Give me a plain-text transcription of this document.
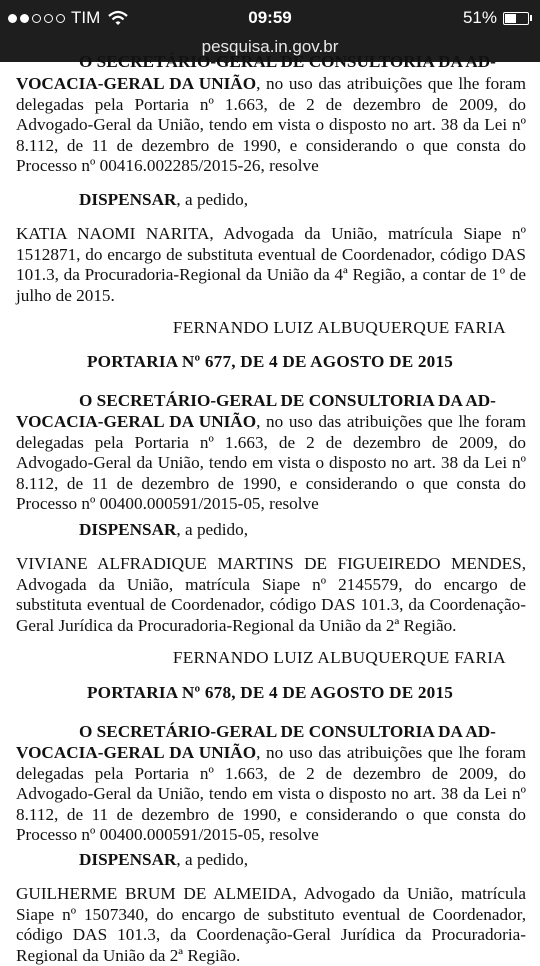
TIM	09:59	51%
pesquisa.in.gov.br
O SECRETÁRIO-GERAL DE CONSULTORIA DA AD-

VOCACIA-GERAL DA UNIÃO, no uso das atribuições que lhe foram delegadas pela Portaria nº 1.663, de 2 de dezembro de 2009, do Advogado-Geral da União, tendo em vista o disposto no art. 38 da Lei nº 8.112, de 11 de dezembro de 1990, e considerando o que consta do Processo nº 00416.002285/2015-26, resolve

DISPENSAR, a pedido,

KATIA NAOMI NARITA, Advogada da União, matrícula Siape nº 1512871, do encargo de substituta eventual de Coordenador, código DAS 101.3, da Procuradoria-Regional da União da 4ª Região, a contar de 1º de julho de 2015.

FERNANDO LUIZ ALBUQUERQUE FARIA
PORTARIA Nº 677, DE 4 DE AGOSTO DE 2015
O SECRETÁRIO-GERAL DE CONSULTORIA DA AD-

VOCACIA-GERAL DA UNIÃO, no uso das atribuições que lhe foram delegadas pela Portaria nº 1.663, de 2 de dezembro de 2009, do Advogado-Geral da União, tendo em vista o disposto no art. 38 da Lei nº 8.112, de 11 de dezembro de 1990, e considerando o que consta do Processo nº 00400.000591/2015-05, resolve

DISPENSAR, a pedido,

VIVIANE ALFRADIQUE MARTINS DE FIGUEIREDO MENDES, Advogada da União, matrícula Siape nº 2145579, do encargo de substituta eventual de Coordenador, código DAS 101.3, da Coordenação-Geral Jurídica da Procuradoria-Regional da União da 2ª Região.

FERNANDO LUIZ ALBUQUERQUE FARIA
PORTARIA Nº 678, DE 4 DE AGOSTO DE 2015
O SECRETÁRIO-GERAL DE CONSULTORIA DA AD-

VOCACIA-GERAL DA UNIÃO, no uso das atribuições que lhe foram delegadas pela Portaria nº 1.663, de 2 de dezembro de 2009, do Advogado-Geral da União, tendo em vista o disposto no art. 38 da Lei nº 8.112, de 11 de dezembro de 1990, e considerando o que consta do Processo nº 00400.000591/2015-05, resolve

DISPENSAR, a pedido,

GUILHERME BRUM DE ALMEIDA, Advogado da União, matrícula Siape nº 1507340, do encargo de substituto eventual de Coordenador, código DAS 101.3, da Coordenação-Geral Jurídica da Procuradoria-Regional da União da 2ª Região.
